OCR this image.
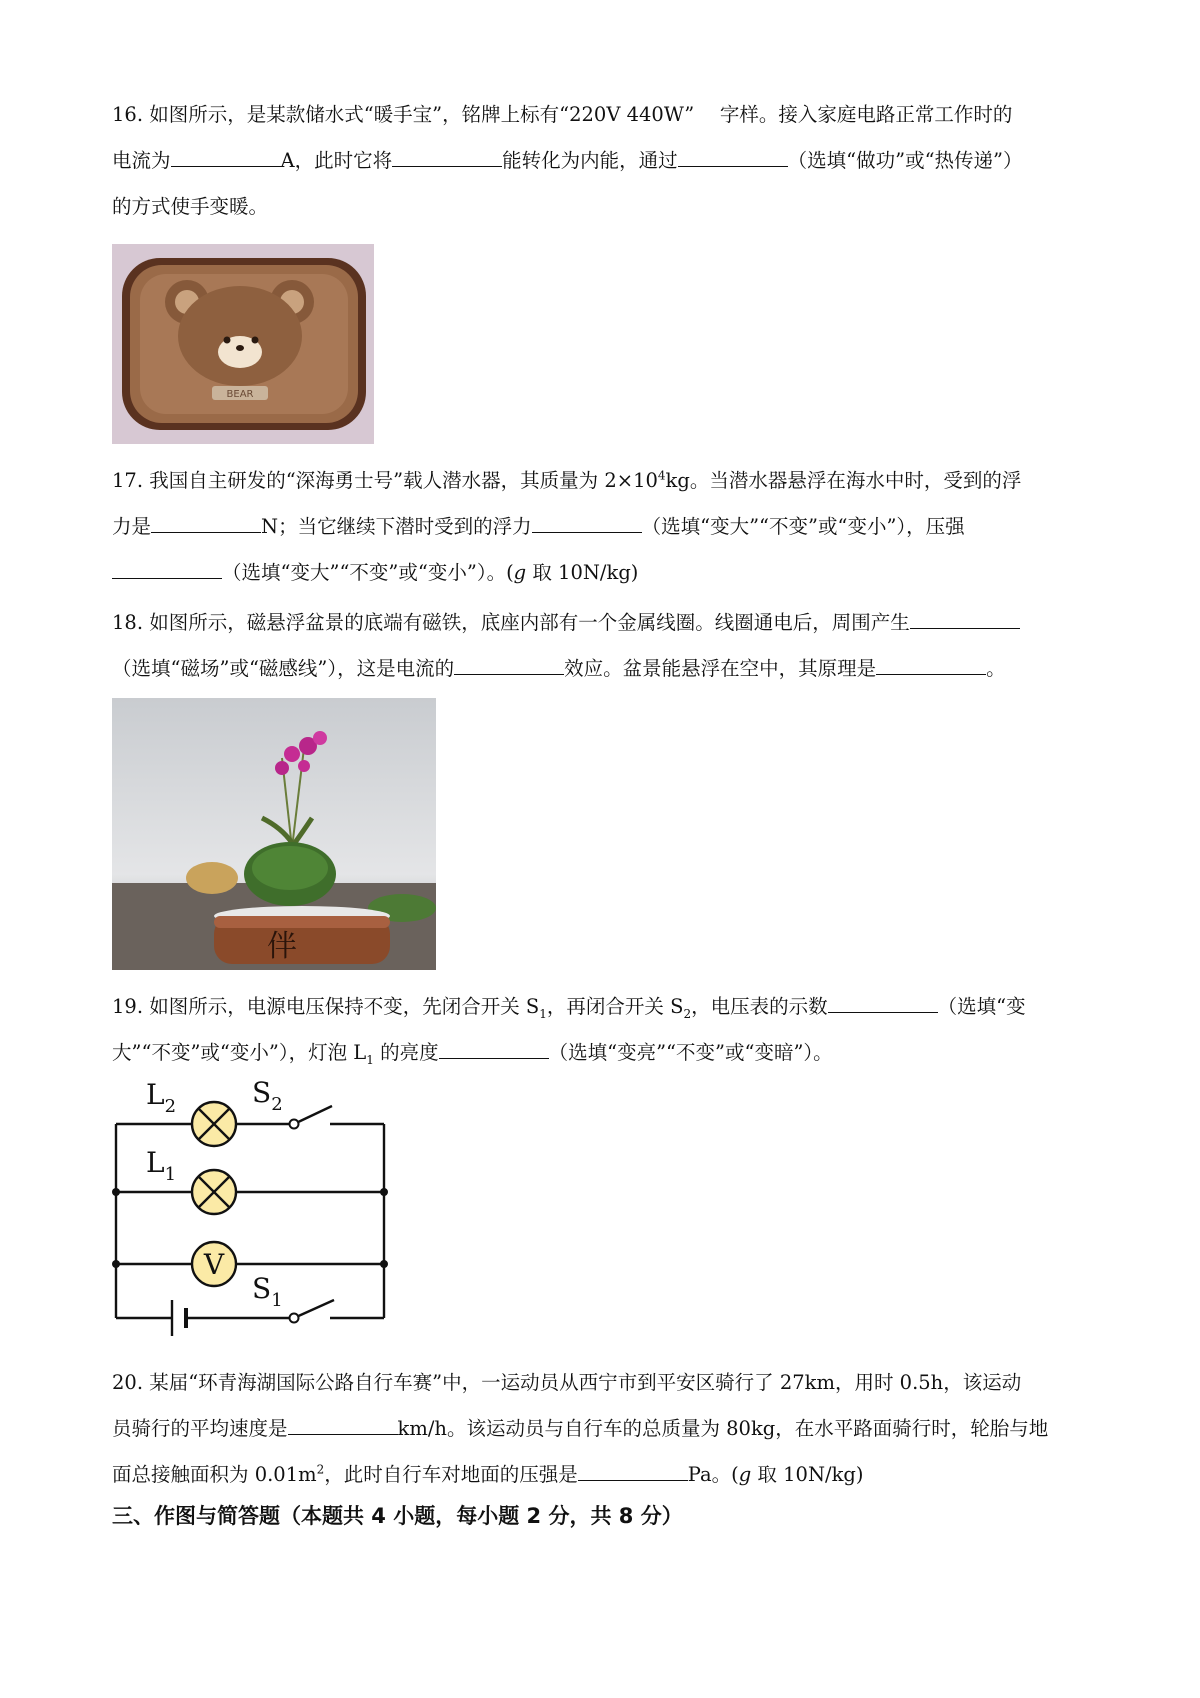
16. 如图所示，是某款储水式“暖手宝”，铭牌上标有“220V 440W”　 字样。接入家庭电路正常工作时的
电流为	A，此时它将	能转化为内能，通过	（选填“做功”或“热传递”）
的方式使手变暖。
BEAR
17. 我国自主研发的“深海勇士号”载人潜水器，其质量为 $2\times 10^4kg$。当潜水器悬浮在海水中时，受到的浮
力是	N；当它继续下潜时受到的浮力	（选填“变大”“不变”或“变小”），压强
（选填“变大”“不变”或“变小”）。(g 取 10N/kg)
18. 如图所示，磁悬浮盆景的底端有磁铁，底座内部有一个金属线圈。线圈通电后，周围产生
（选填“磁场”或“磁感线”），这是电流的	效应。盆景能悬浮在空中，其原理是	。
伴
19. 如图所示，电源电压保持不变，先闭合开关 $S_1$，再闭合开关 $S_2$，电压表的示数	（选填“变
大”“不变”或“变小”），灯泡 $L_1$ 的亮度	（选填“变亮”“不变”或“变暗”）。
V
$L_2$	$S_2$
$L_1$
$S_1$
20. 某届“环青海湖国际公路自行车赛”中，一运动员从西宁市到平安区骑行了 27km，用时 0.5h，该运动
员骑行的平均速度是	km/h。该运动员与自行车的总质量为 80kg，在水平路面骑行时，轮胎与地
面总接触面积为 $0.01m^2$，此时自行车对地面的压强是	Pa。(g 取 10N/kg)
三、作图与简答题（本题共 4 小题，每小题 2 分，共 8 分）
